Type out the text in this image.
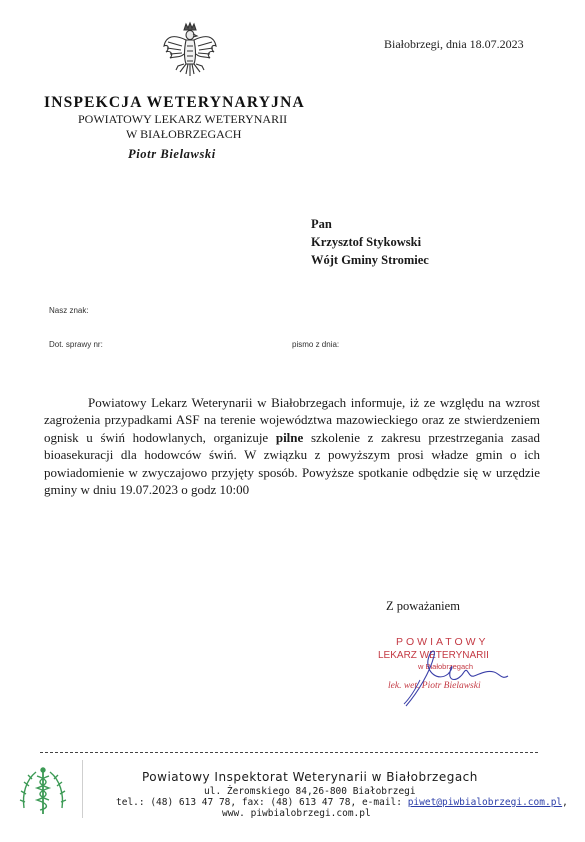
Białobrzegi, dnia 18.07.2023
INSPEKCJA WETERYNARYJNA
POWIATOWY LEKARZ WETERYNARII
W BIAŁOBRZEGACH
Piotr Bielawski
Pan
Krzysztof Stykowski
Wójt Gminy Stromiec
Nasz znak:
Dot. sprawy nr:	pismo z dnia:

Powiatowy Lekarz Weterynarii w Białobrzegach informuje, iż ze względu na wzrost zagrożenia przypadkami ASF na terenie województwa mazowieckiego oraz ze stwierdzeniem ognisk u świń hodowlanych, organizuje pilne szkolenie z zakresu przestrzegania zasad bioasekuracji dla hodowców świń. W związku z powyższym prosi władze gmin o ich powiadomienie w zwyczajowo przyjęty sposób. Powyższe spotkanie odbędzie się w urzędzie gminy w dniu 19.07.2023 o godz 10:00

Z poważaniem
POWIATOWY
LEKARZ WETERYNARII
w Białobrzegach
lek. wet. Piotr Bielawski
Powiatowy Inspektorat Weterynarii w Białobrzegach
ul. Żeromskiego 84,26-800 Białobrzegi
tel.: (48) 613 47 78, fax: (48) 613 47 78, e-mail: piwet@piwbialobrzegi.com.pl,
www. piwbialobrzegi.com.pl
